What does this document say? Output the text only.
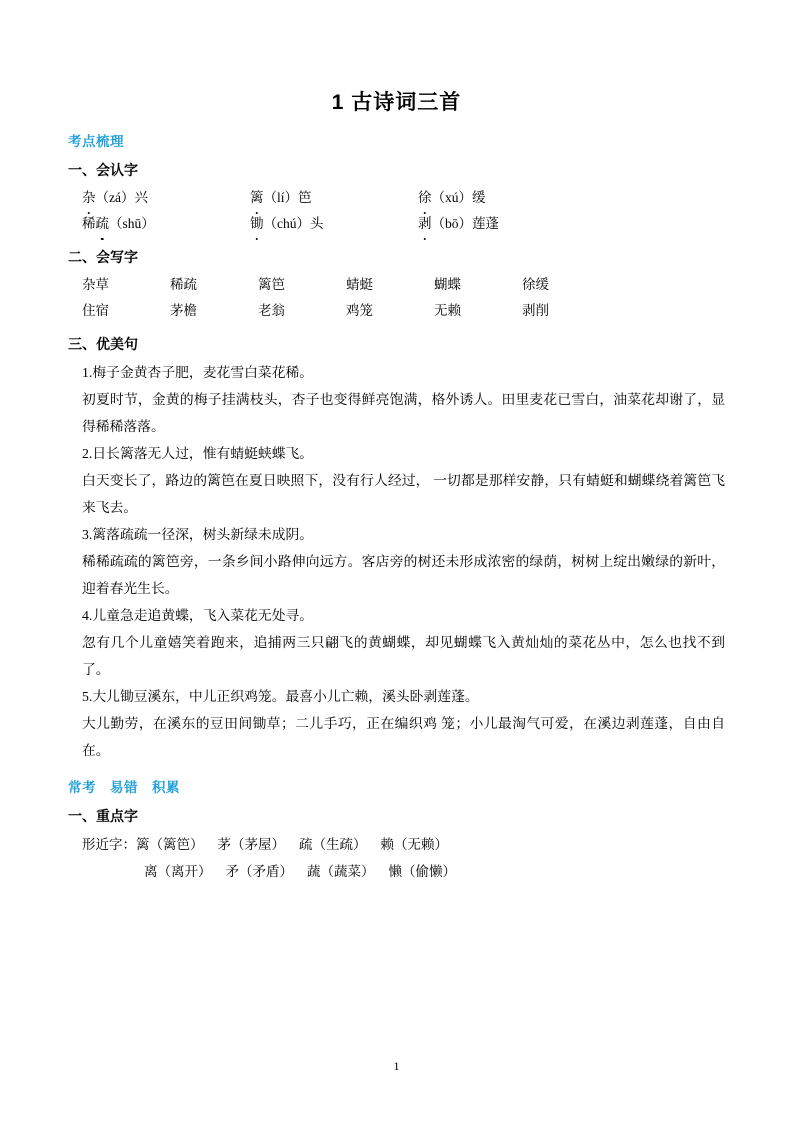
1 古诗词三首
考点梳理
一、会认字
杂（zá）兴	篱（lí）笆	徐（xú）缓
稀疏（shū）	锄（chú）头	剥（bō）莲蓬
二、会写字
杂草	稀疏	篱笆	蜻蜓	蝴蝶	徐缓
住宿	茅檐	老翁	鸡笼	无赖	剥削
三、优美句

1.梅子金黄杏子肥，麦花雪白菜花稀。

初夏时节，金黄的梅子挂满枝头，杏子也变得鲜亮饱满，格外诱人。田里麦花已雪白，油菜花却谢了，显得稀稀落落。

2.日长篱落无人过，惟有蜻蜓蛱蝶飞。

白天变长了，路边的篱笆在夏日映照下，没有行人经过， 一切都是那样安静，只有蜻蜓和蝴蝶绕着篱笆飞来飞去。

3.篱落疏疏一径深，树头新绿未成阴。

稀稀疏疏的篱笆旁，一条乡间小路伸向远方。客店旁的树还未形成浓密的绿荫，树树上绽出嫩绿的新叶，迎着春光生长。

4.儿童急走追黄蝶，飞入菜花无处寻。

忽有几个儿童嬉笑着跑来，追捕两三只翩飞的黄蝴蝶，却见蝴蝶飞入黄灿灿的菜花丛中，怎么也找不到了。

5.大儿锄豆溪东，中儿正织鸡笼。最喜小儿亡赖，溪头卧剥莲蓬。

大儿勤劳，在溪东的豆田间锄草；二儿手巧，正在编织鸡 笼；小儿最淘气可爱，在溪边剥莲蓬，自由自在。

常考 易错 积累
一、重点字
形近字： 篱（篱笆） 茅（茅屋） 疏（生疏） 赖（无赖）
离（离开） 矛（矛盾） 蔬（蔬菜） 懒（偷懒）
1
